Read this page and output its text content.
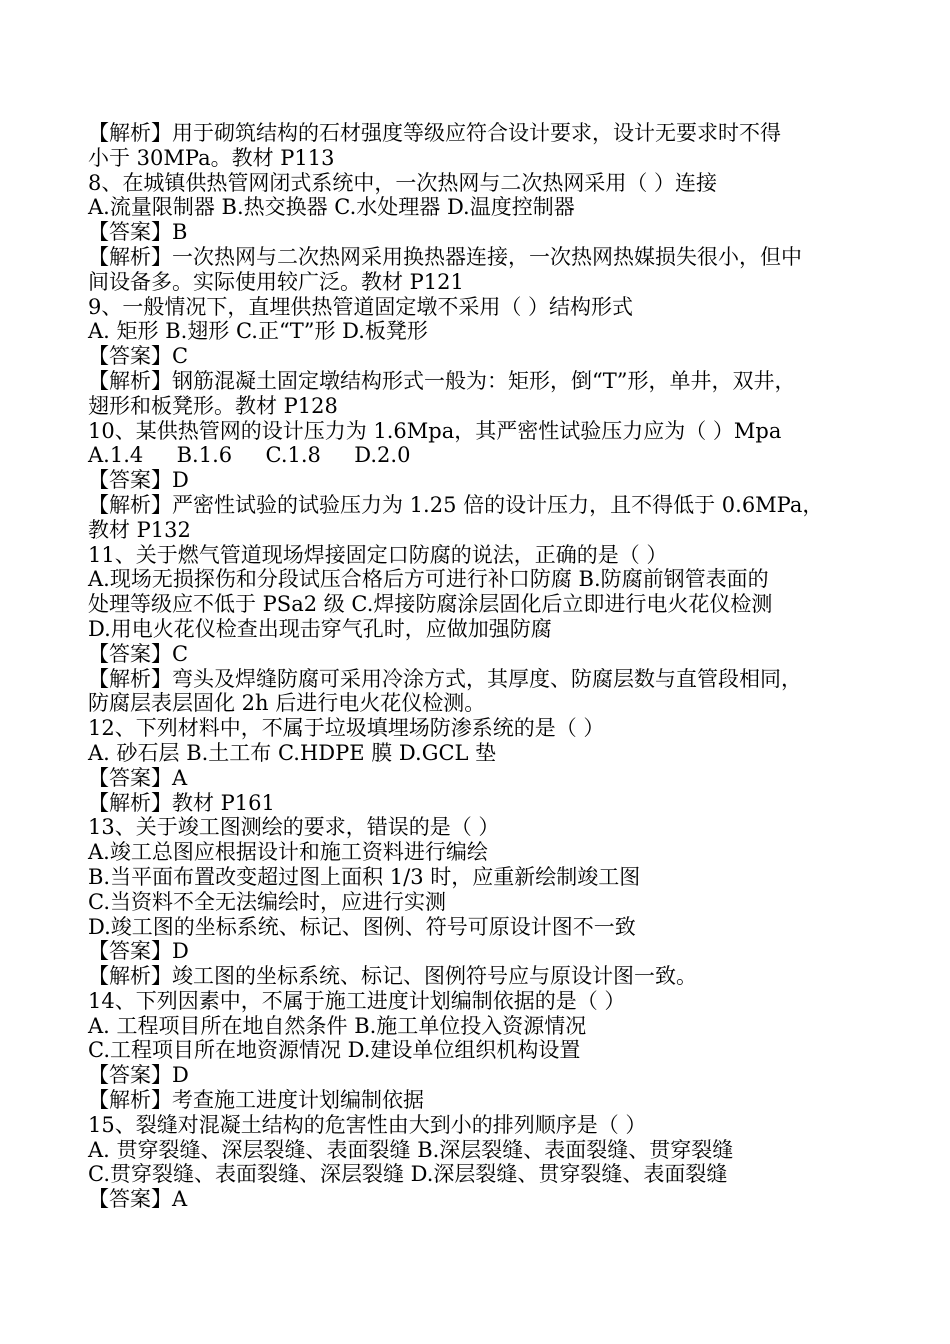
【解析】用于砌筑结构的石材强度等级应符合设计要求，设计无要求时不得
小于 30MPa。教材 P113
8、在城镇供热管网闭式系统中，一次热网与二次热网采用（ ）连接
A.流量限制器 B.热交换器 C.水处理器 D.温度控制器
【答案】B
【解析】一次热网与二次热网采用换热器连接，一次热网热媒损失很小，但中
间设备多。实际使用较广泛。教材 P121
9、一般情况下，直埋供热管道固定墩不采用（ ）结构形式
A. 矩形 B.翅形 C.正“T”形 D.板凳形
【答案】C
【解析】钢筋混凝土固定墩结构形式一般为：矩形，倒“T”形，单井，双井，
翅形和板凳形。教材 P128
10、某供热管网的设计压力为 1.6Mpa，其严密性试验压力应为（ ）Mpa
A.1.4     B.1.6     C.1.8     D.2.0
【答案】D
【解析】严密性试验的试验压力为 1.25 倍的设计压力，且不得低于 0.6MPa，
教材 P132
11、关于燃气管道现场焊接固定口防腐的说法，正确的是（ ）
A.现场无损探伤和分段试压合格后方可进行补口防腐 B.防腐前钢管表面的
处理等级应不低于 PSa2 级 C.焊接防腐涂层固化后立即进行电火花仪检测
D.用电火花仪检查出现击穿气孔时，应做加强防腐
【答案】C
【解析】弯头及焊缝防腐可采用冷涂方式，其厚度、防腐层数与直管段相同，
防腐层表层固化 2h 后进行电火花仪检测。
12、下列材料中，不属于垃圾填埋场防渗系统的是（ ）
A. 砂石层 B.土工布 C.HDPE 膜 D.GCL 垫
【答案】A
【解析】教材 P161
13、关于竣工图测绘的要求，错误的是（ ）
A.竣工总图应根据设计和施工资料进行编绘
B.当平面布置改变超过图上面积 1/3 时，应重新绘制竣工图
C.当资料不全无法编绘时，应进行实测
D.竣工图的坐标系统、标记、图例、符号可原设计图不一致
【答案】D
【解析】竣工图的坐标系统、标记、图例符号应与原设计图一致。
14、下列因素中，不属于施工进度计划编制依据的是（ ）
A. 工程项目所在地自然条件 B.施工单位投入资源情况
C.工程项目所在地资源情况 D.建设单位组织机构设置
【答案】D
【解析】考查施工进度计划编制依据
15、裂缝对混凝土结构的危害性由大到小的排列顺序是（ ）
A. 贯穿裂缝、深层裂缝、表面裂缝 B.深层裂缝、表面裂缝、贯穿裂缝
C.贯穿裂缝、表面裂缝、深层裂缝 D.深层裂缝、贯穿裂缝、表面裂缝
【答案】A
